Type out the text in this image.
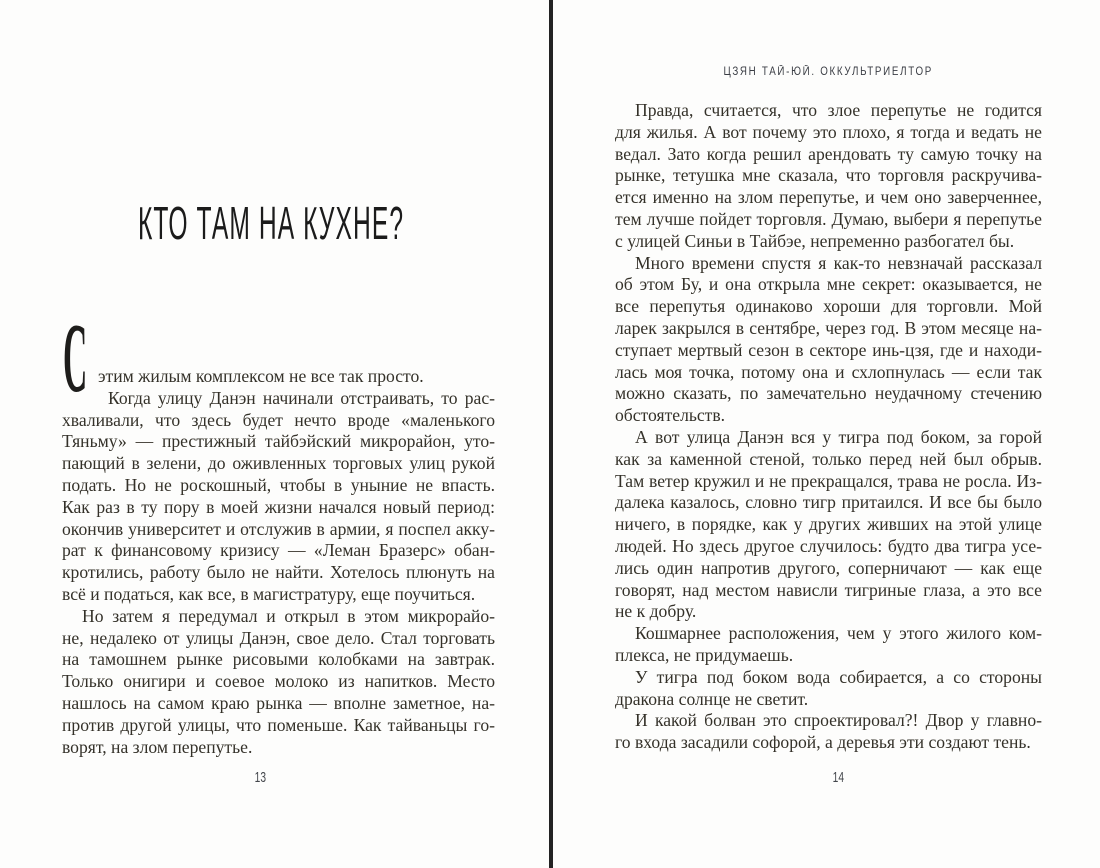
КТО ТАМ НА КУХНЕ?
С этим жилым комплексом не все так просто.
Когда улицу Данэн начинали отстраивать, то рас-
хваливали, что здесь будет нечто вроде «маленького
Тяньму» — престижный тайбэйский микрорайон, уто-
пающий в зелени, до оживленных торговых улиц рукой
подать. Но не роскошный, чтобы в уныние не впасть.
Как раз в ту пору в моей жизни начался новый период:
окончив университет и отслужив в армии, я поспел акку-
рат к финансовому кризису — «Леман Бразерс» обан-
кротились, работу было не найти. Хотелось плюнуть на
всё и податься, как все, в магистратуру, еще поучиться.
Но затем я передумал и открыл в этом микрорайо-
не, недалеко от улицы Данэн, свое дело. Стал торговать
на тамошнем рынке рисовыми колобками на завтрак.
Только онигири и соевое молоко из напитков. Место
нашлось на самом краю рынка — вполне заметное, на-
против другой улицы, что поменьше. Как тайваньцы го-
ворят, на злом перепутье.
13
ЦЗЯН ТАЙ-ЮЙ. ОККУЛЬТРИЕЛТОР
Правда, считается, что злое перепутье не годится
для жилья. А вот почему это плохо, я тогда и ведать не
ведал. Зато когда решил арендовать ту самую точку на
рынке, тетушка мне сказала, что торговля раскручива-
ется именно на злом перепутье, и чем оно заверченнее,
тем лучше пойдет торговля. Думаю, выбери я перепутье
с улицей Синьи в Тайбэе, непременно разбогател бы.
Много времени спустя я как-то невзначай рассказал
об этом Бу, и она открыла мне секрет: оказывается, не
все перепутья одинаково хороши для торговли. Мой
ларек закрылся в сентябре, через год. В этом месяце на-
ступает мертвый сезон в секторе инь-цзя, где и находи-
лась моя точка, потому она и схлопнулась — если так
можно сказать, по замечательно неудачному стечению
обстоятельств.
А вот улица Данэн вся у тигра под боком, за горой
как за каменной стеной, только перед ней был обрыв.
Там ветер кружил и не прекращался, трава не росла. Из-
далека казалось, словно тигр притаился. И все бы было
ничего, в порядке, как у других живших на этой улице
людей. Но здесь другое случилось: будто два тигра усе-
лись один напротив другого, соперничают — как еще
говорят, над местом нависли тигриные глаза, а это все
не к добру.
Кошмарнее расположения, чем у этого жилого ком-
плекса, не придумаешь.
У тигра под боком вода собирается, а со стороны
дракона солнце не светит.
И какой болван это спроектировал?! Двор у главно-
го входа засадили софорой, а деревья эти создают тень.
14
